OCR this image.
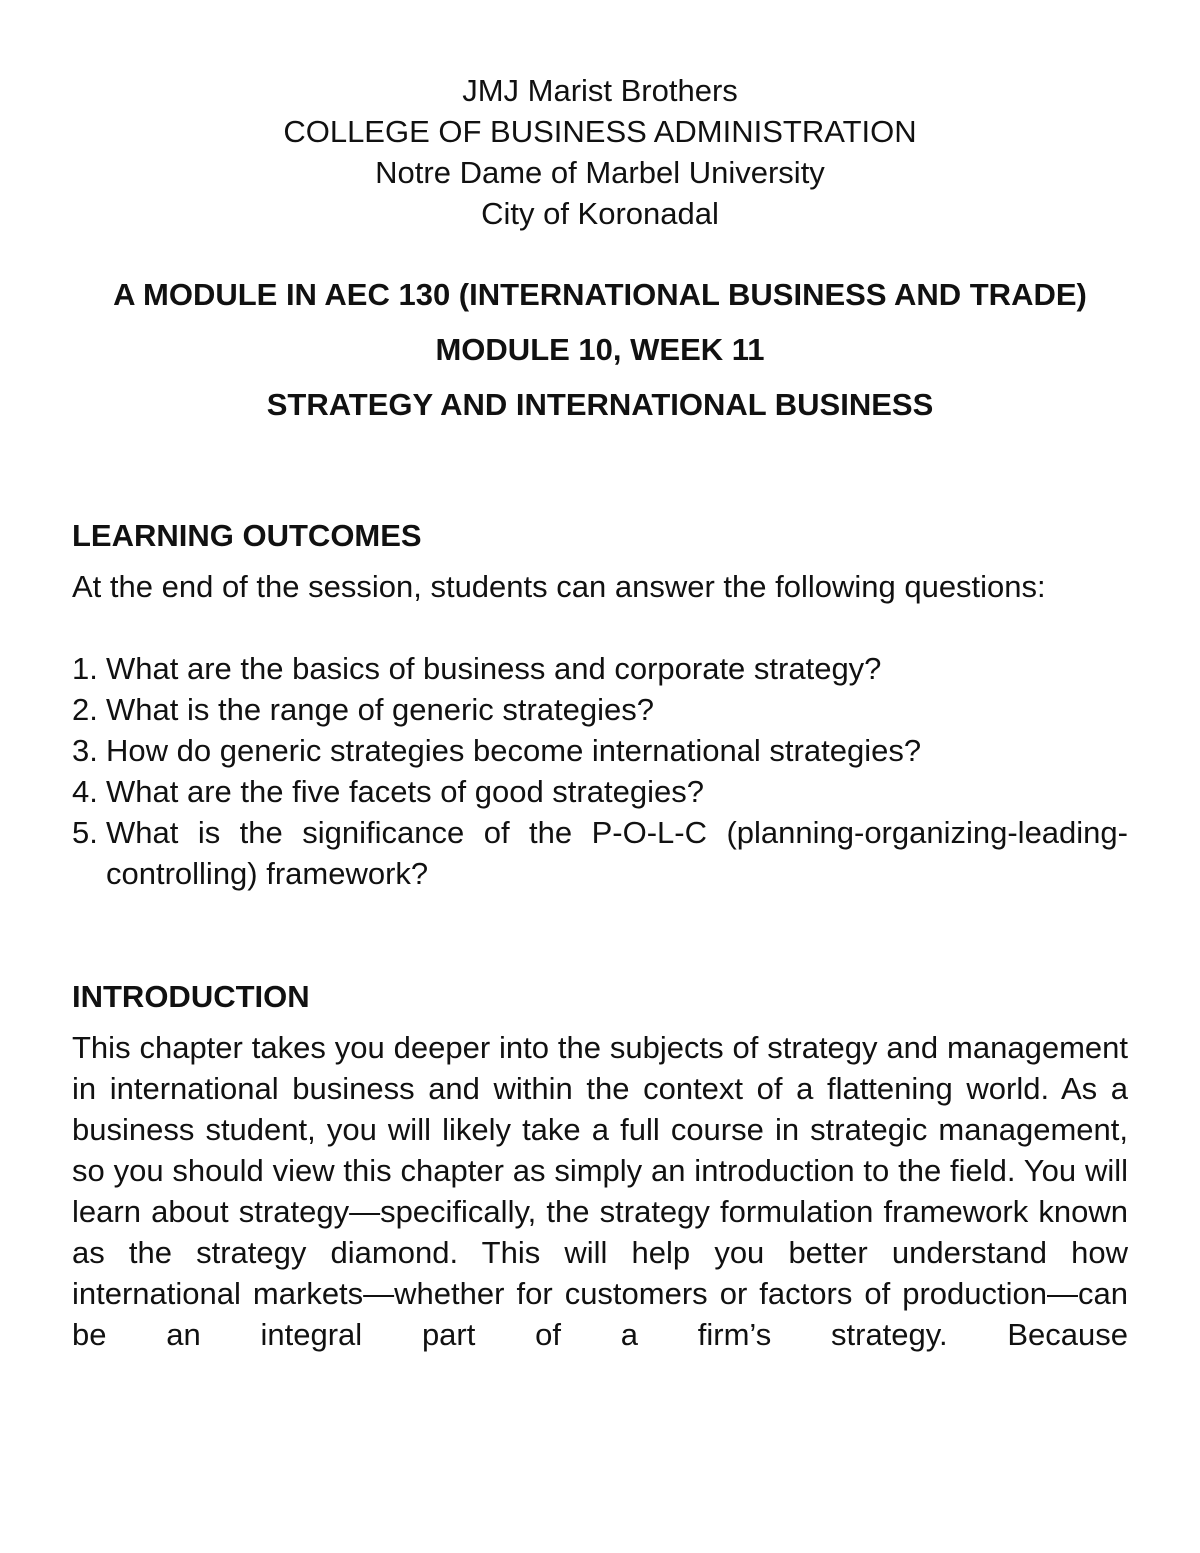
JMJ Marist Brothers
COLLEGE OF BUSINESS ADMINISTRATION
Notre Dame of Marbel University
City of Koronadal
A MODULE IN AEC 130 (INTERNATIONAL BUSINESS AND TRADE)
MODULE 10, WEEK 11
STRATEGY AND INTERNATIONAL BUSINESS
LEARNING OUTCOMES

At the end of the session, students can answer the following questions:

1. What are the basics of business and corporate strategy?
2. What is the range of generic strategies?
3. How do generic strategies become international strategies?
4. What are the five facets of good strategies?
5. What is the significance of the P-O-L-C (planning-organizing-leading-controlling) framework?
INTRODUCTION

This chapter takes you deeper into the subjects of strategy and management in international business and within the context of a flattening world. As a business student, you will likely take a full course in strategic management, so you should view this chapter as simply an introduction to the field. You will learn about strategy—specifically, the strategy formulation framework known as the strategy diamond. This will help you better understand how international markets—whether for customers or factors of production—can be an integral part of a firm’s strategy. Because
